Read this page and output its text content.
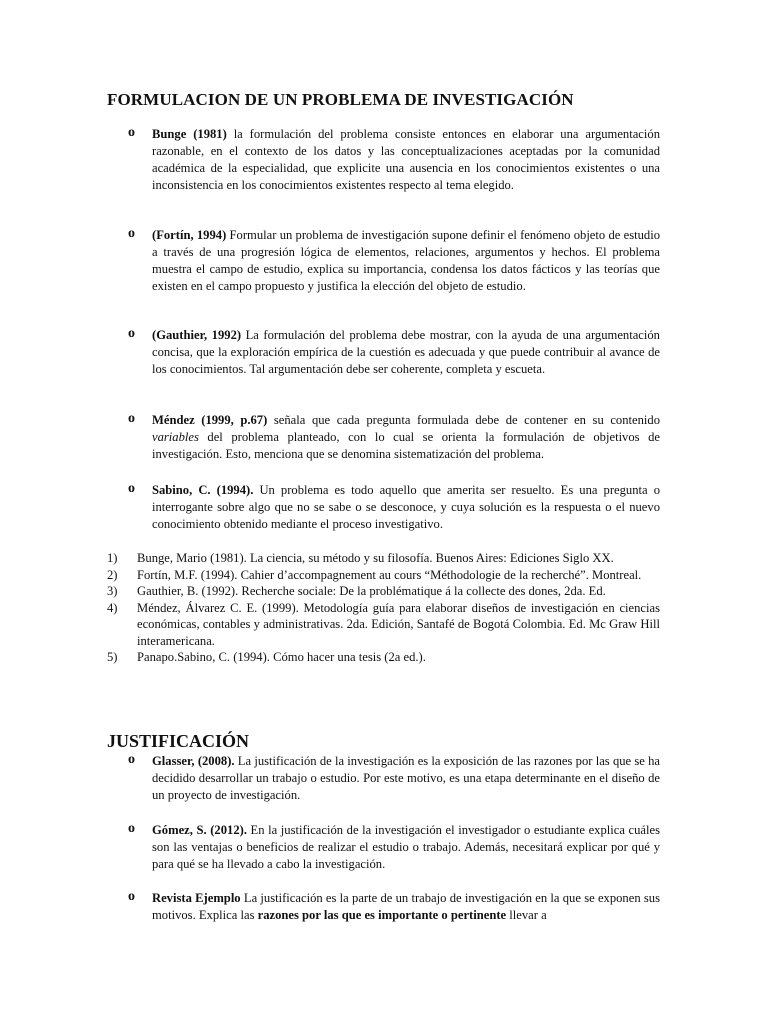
FORMULACION DE UN PROBLEMA DE INVESTIGACIÓN
o	Bunge (1981) la formulación del problema consiste entonces en elaborar una argumentación razonable, en el contexto de los datos y las conceptualizaciones aceptadas por la comunidad académica de la especialidad, que explicite una ausencia en los conocimientos existentes o una inconsistencia en los conocimientos existentes respecto al tema elegido.
o	(Fortín, 1994) Formular un problema de investigación supone definir el fenómeno objeto de estudio a través de una progresión lógica de elementos, relaciones, argumentos y hechos. El problema muestra el campo de estudio, explica su importancia, condensa los datos fácticos y las teorías que existen en el campo propuesto y justifica la elección del objeto de estudio.
o	(Gauthier, 1992) La formulación del problema debe mostrar, con la ayuda de una argumentación concisa, que la exploración empírica de la cuestión es adecuada y que puede contribuir al avance de los conocimientos. Tal argumentación debe ser coherente, completa y escueta.
o	Méndez (1999, p.67) señala que cada pregunta formulada debe de contener en su contenido variables del problema planteado, con lo cual se orienta la formulación de objetivos de investigación. Esto, menciona que se denomina sistematización del problema.
o	Sabino, C. (1994). Un problema es todo aquello que amerita ser resuelto. Es una pregunta o interrogante sobre algo que no se sabe o se desconoce, y cuya solución es la respuesta o el nuevo conocimiento obtenido mediante el proceso investigativo.
1) Bunge, Mario (1981). La ciencia, su método y su filosofía. Buenos Aires: Ediciones Siglo XX.
2) Fortín, M.F. (1994). Cahier d’accompagnement au cours “Méthodologie de la recherché”. Montreal.
3) Gauthier, B. (1992). Recherche sociale: De la problématique á la collecte des dones, 2da. Ed.
4) Méndez, Álvarez C. E. (1999). Metodología guía para elaborar diseños de investigación en ciencias económicas, contables y administrativas. 2da. Edición, Santafé de Bogotá Colombia. Ed. Mc Graw Hill interamericana.
5) Panapo.Sabino, C. (1994). Cómo hacer una tesis (2a ed.).
JUSTIFICACIÓN
o	Glasser, (2008). La justificación de la investigación es la exposición de las razones por las que se ha decidido desarrollar un trabajo o estudio. Por este motivo, es una etapa determinante en el diseño de un proyecto de investigación.
o	Gómez, S. (2012). En la justificación de la investigación el investigador o estudiante explica cuáles son las ventajas o beneficios de realizar el estudio o trabajo. Además, necesitará explicar por qué y para qué se ha llevado a cabo la investigación.
o	Revista Ejemplo La justificación es la parte de un trabajo de investigación en la que se exponen sus motivos. Explica las razones por las que es importante o pertinente llevar a
